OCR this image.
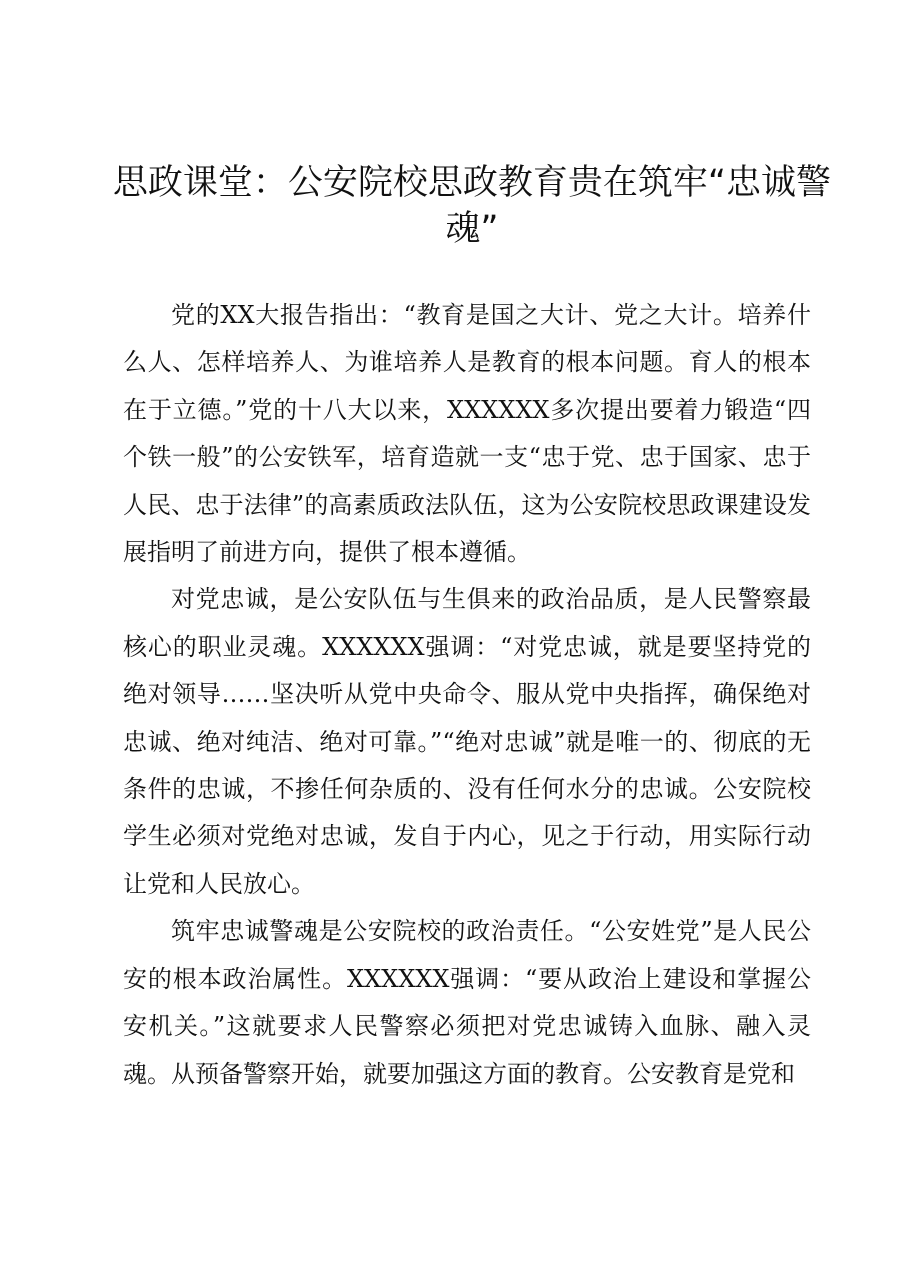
思政课堂：公安院校思政教育贵在筑牢“忠诚警魂”

党的XX大报告指出：“教育是国之大计、党之大计。培养什么人、怎样培养人、为谁培养人是教育的根本问题。育人的根本在于立德。”党的十八大以来，XXXXXX多次提出要着力锻造“四个铁一般”的公安铁军，培育造就一支“忠于党、忠于国家、忠于人民、忠于法律”的高素质政法队伍，这为公安院校思政课建设发展指明了前进方向，提供了根本遵循。

对党忠诚，是公安队伍与生俱来的政治品质，是人民警察最核心的职业灵魂。XXXXXX强调：“对党忠诚，就是要坚持党的绝对领导……坚决听从党中央命令、服从党中央指挥，确保绝对忠诚、绝对纯洁、绝对可靠。”“绝对忠诚”就是唯一的、彻底的无条件的忠诚，不掺任何杂质的、没有任何水分的忠诚。公安院校学生必须对党绝对忠诚，发自于内心，见之于行动，用实际行动让党和人民放心。

筑牢忠诚警魂是公安院校的政治责任。“公安姓党”是人民公安的根本政治属性。XXXXXX强调：“要从政治上建设和掌握公安机关。”这就要求人民警察必须把对党忠诚铸入血脉、融入灵魂。从预备警察开始，就要加强这方面的教育。公安教育是党和
